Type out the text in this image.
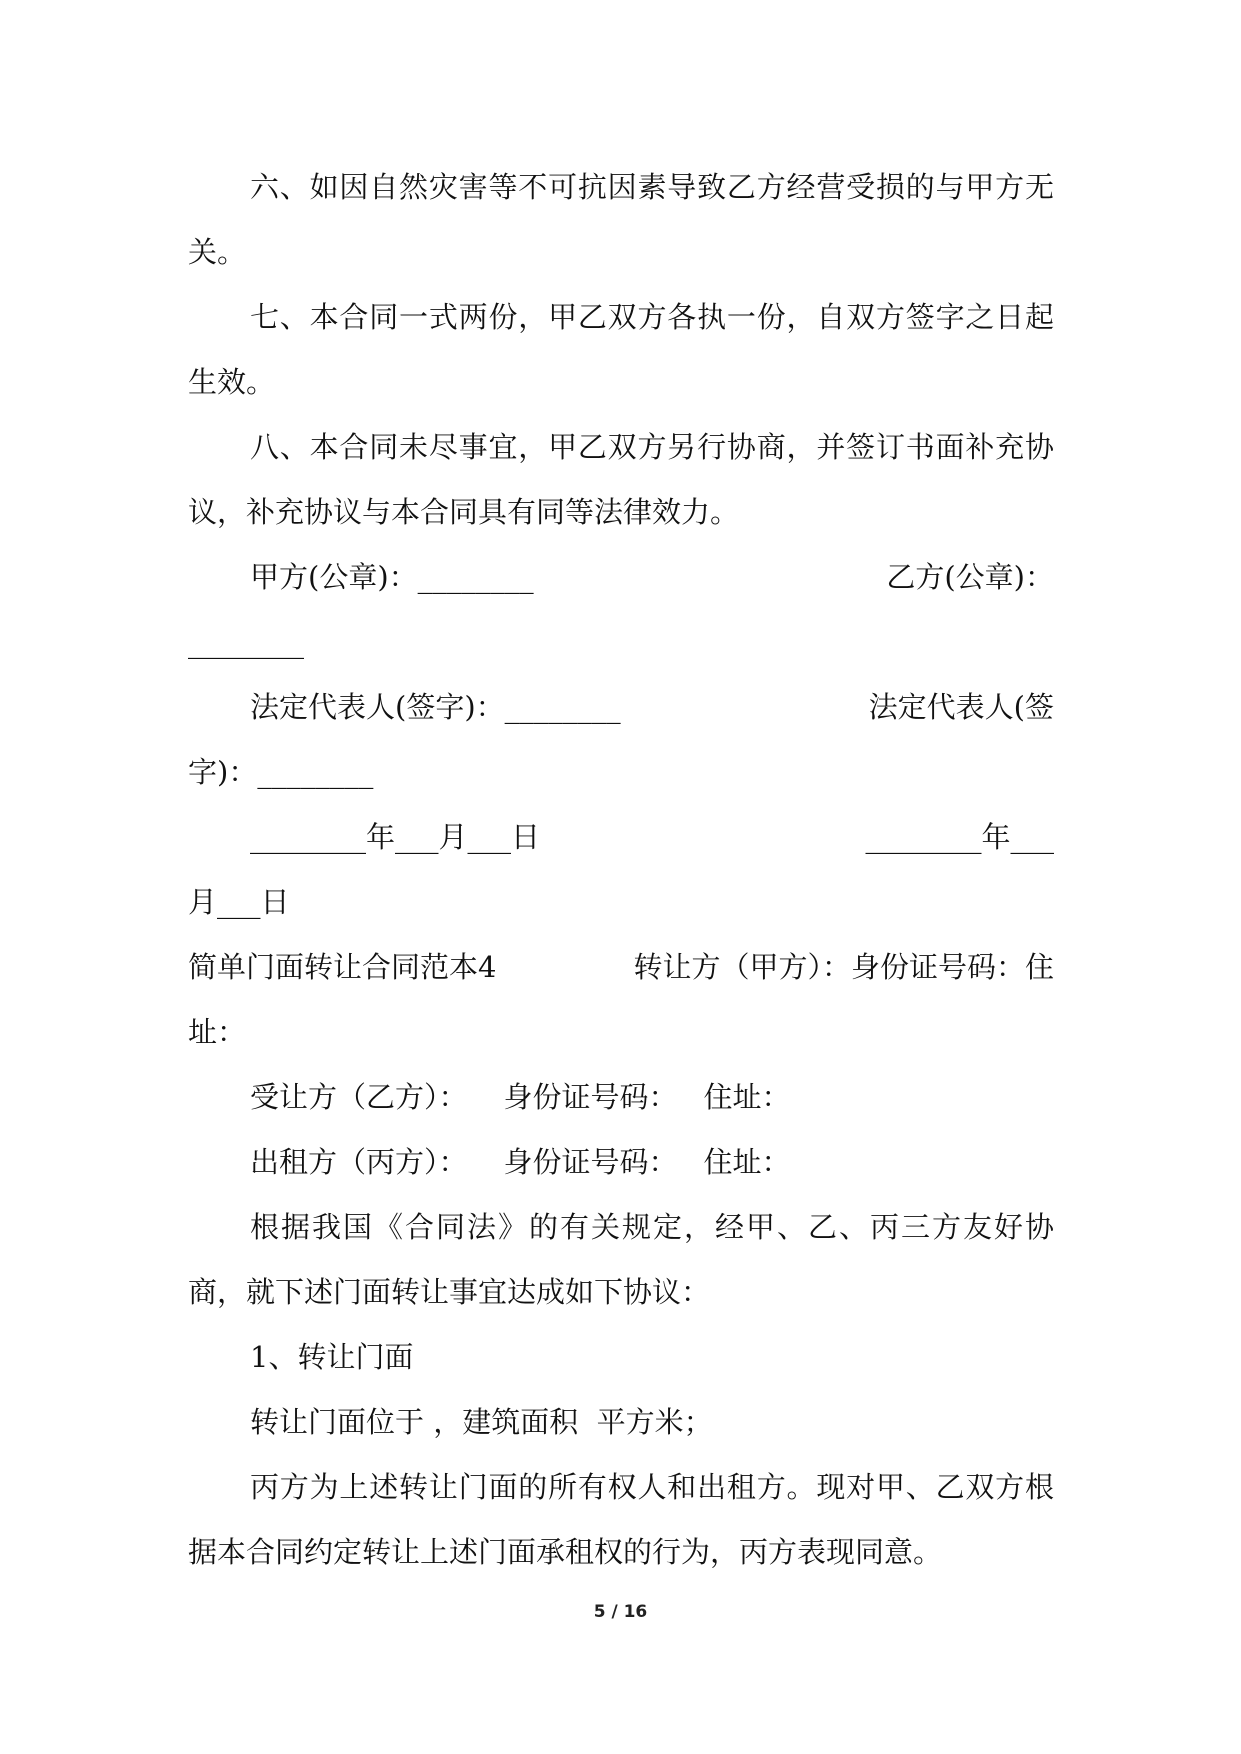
六、如因自然灾害等不可抗因素导致乙方经营受损的与甲方无关。

七、本合同一式两份，甲乙双方各执一份，自双方签字之日起生效。

八、本合同未尽事宜，甲乙双方另行协商，并签订书面补充协议，补充协议与本合同具有同等法律效力。

甲方(公章)：________	乙方(公章)：

________

法定代表人(签字)：________	法定代表人(签

字)：________

________年___月___日	________年___

月___日

简单门面转让合同范本4	转让方（甲方）：身份证号码：住

址：

受让方（乙方）： 身份证号码： 住址：

出租方（丙方）： 身份证号码： 住址：

根据我国《合同法》的有关规定，经甲、乙、丙三方友好协商，就下述门面转让事宜达成如下协议：

1、转让门面

转让门面位于 ，建筑面积  平方米；

丙方为上述转让门面的所有权人和出租方。现对甲、乙双方根据本合同约定转让上述门面承租权的行为，丙方表现同意。

5 / 16
